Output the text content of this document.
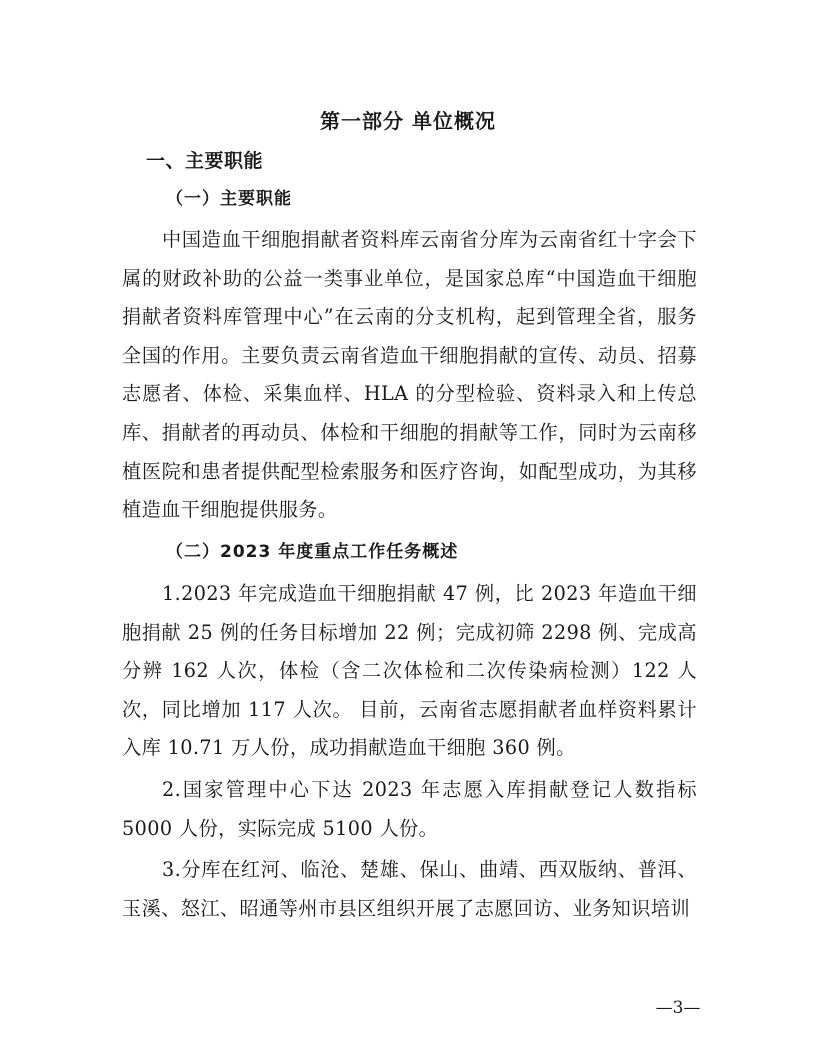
第一部分 单位概况
一、主要职能
（一）主要职能
中国造血干细胞捐献者资料库云南省分库为云南省红十字会下属的财政补助的公益一类事业单位，是国家总库“中国造血干细胞捐献者资料库管理中心”在云南的分支机构，起到管理全省，服务全国的作用。主要负责云南省造血干细胞捐献的宣传、动员、招募志愿者、体检、采集血样、HLA 的分型检验、资料录入和上传总库、捐献者的再动员、体检和干细胞的捐献等工作，同时为云南移植医院和患者提供配型检索服务和医疗咨询，如配型成功，为其移植造血干细胞提供服务。
（二）2023 年度重点工作任务概述
1.2023 年完成造血干细胞捐献 47 例，比 2023 年造血干细胞捐献 25 例的任务目标增加 22 例；完成初筛 2298 例、完成高分辨 162 人次，体检（含二次体检和二次传染病检测）122 人次，同比增加 117 人次。 目前，云南省志愿捐献者血样资料累计入库 10.71 万人份，成功捐献造血干细胞 360 例。
2.国家管理中心下达 2023 年志愿入库捐献登记人数指标 5000 人份，实际完成 5100 人份。
3.分库在红河、临沧、楚雄、保山、曲靖、西双版纳、普洱、玉溪、怒江、昭通等州市县区组织开展了志愿回访、业务知识培训
—3—
